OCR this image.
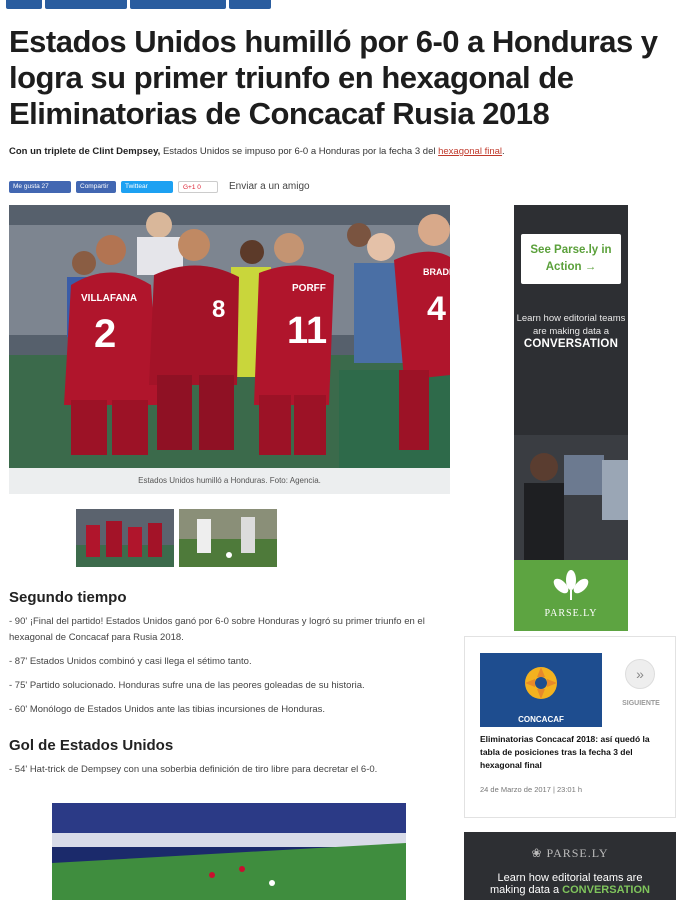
Estados Unidos humilló por 6-0 a Honduras y logra su primer triunfo en hexagonal de Eliminatorias de Concacaf Rusia 2018

Con un triplete de Clint Dempsey, Estados Unidos se impuso por 6-0 a Honduras por la fecha 3 del hexagonal final.

Me gusta 27	Compartir	Twittear	G+1 0	Enviar a un amigo
VILLAFANA
2
8
BRADLEY
4
PORFF
11
Estados Unidos humilló a Honduras. Foto: Agencia.
Segundo tiempo

- 90' ¡Final del partido! Estados Unidos ganó por 6-0 sobre Honduras y logró su primer triunfo en el hexagonal de Concacaf para Rusia 2018.

- 87' Estados Unidos combinó y casi llega el sétimo tanto.

- 75' Partido solucionado. Honduras sufre una de las peores goleadas de su historia.

- 60' Monólogo de Estados Unidos ante las tibias incursiones de Honduras.

Gol de Estados Unidos

- 54' Hat-trick de Dempsey con una soberbia definición de tiro libre para decretar el 6-0.

See Parse.ly in Action →
Learn how editorial teams are making data a
CONVERSATION
PARSE.LY
CONCACAF
»
SIGUIENTE
Eliminatorias Concacaf 2018: así quedó la tabla de posiciones tras la fecha 3 del hexagonal final
24 de Marzo de 2017 | 23:01 h
❀ PARSE.LY
Learn how editorial teams are
making data a CONVERSATION
